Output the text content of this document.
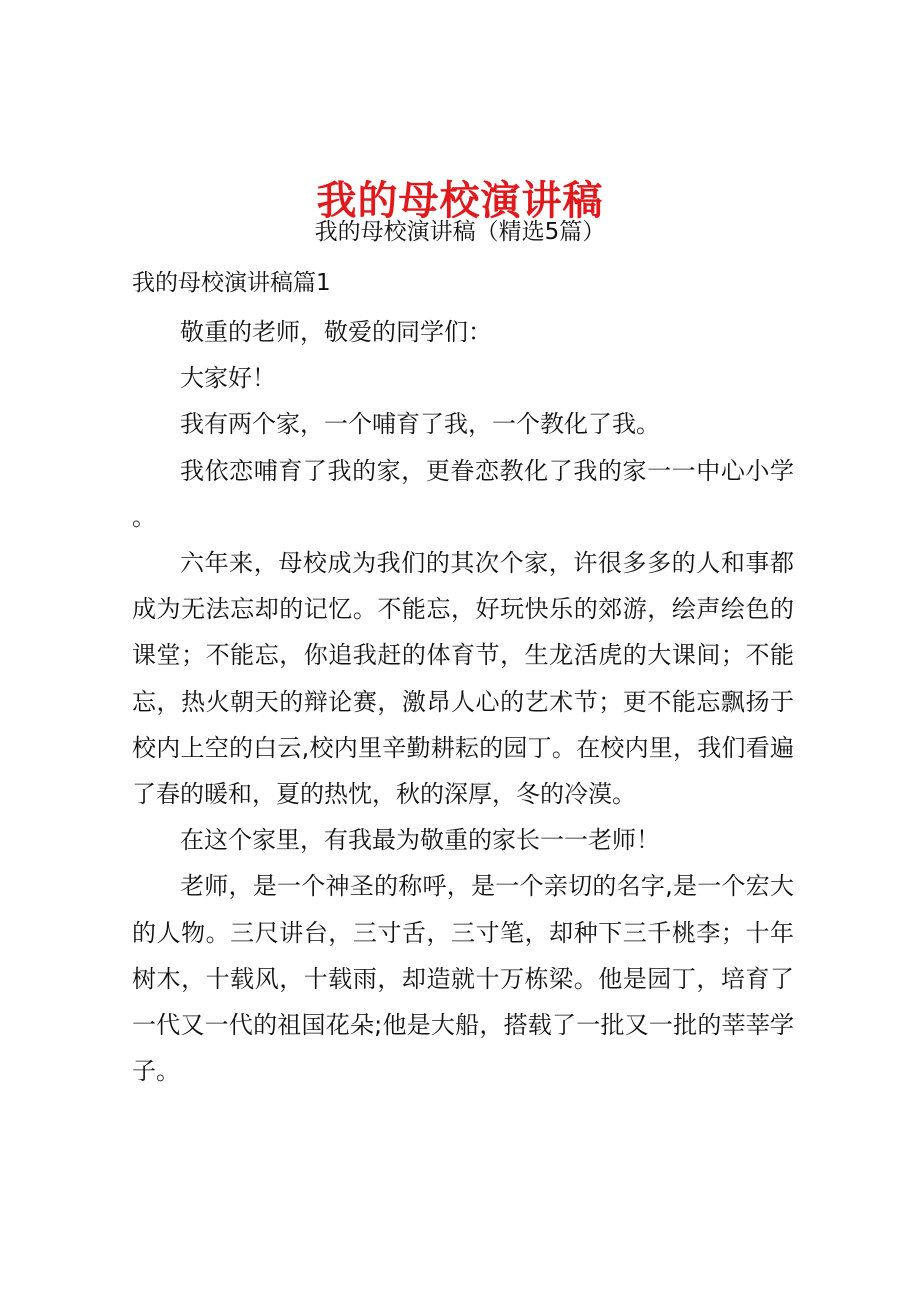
我的母校演讲稿
我的母校演讲稿（精选5篇）
我的母校演讲稿篇1

敬重的老师，敬爱的同学们：

大家好！

我有两个家，一个哺育了我，一个教化了我。

我依恋哺育了我的家，更眷恋教化了我的家一一中心小学。

六年来，母校成为我们的其次个家，许很多多的人和事都成为无法忘却的记忆。不能忘，好玩快乐的郊游，绘声绘色的课堂；不能忘，你追我赶的体育节，生龙活虎的大课间；不能忘，热火朝天的辩论赛，激昂人心的艺术节；更不能忘飘扬于校内上空的白云,校内里辛勤耕耘的园丁。在校内里，我们看遍了春的暖和，夏的热忱，秋的深厚，冬的冷漠。

在这个家里，有我最为敬重的家长一一老师！

老师，是一个神圣的称呼，是一个亲切的名字,是一个宏大的人物。三尺讲台，三寸舌，三寸笔，却种下三千桃李；十年树木，十载风，十载雨，却造就十万栋梁。他是园丁，培育了一代又一代的祖国花朵;他是大船，搭载了一批又一批的莘莘学子。
